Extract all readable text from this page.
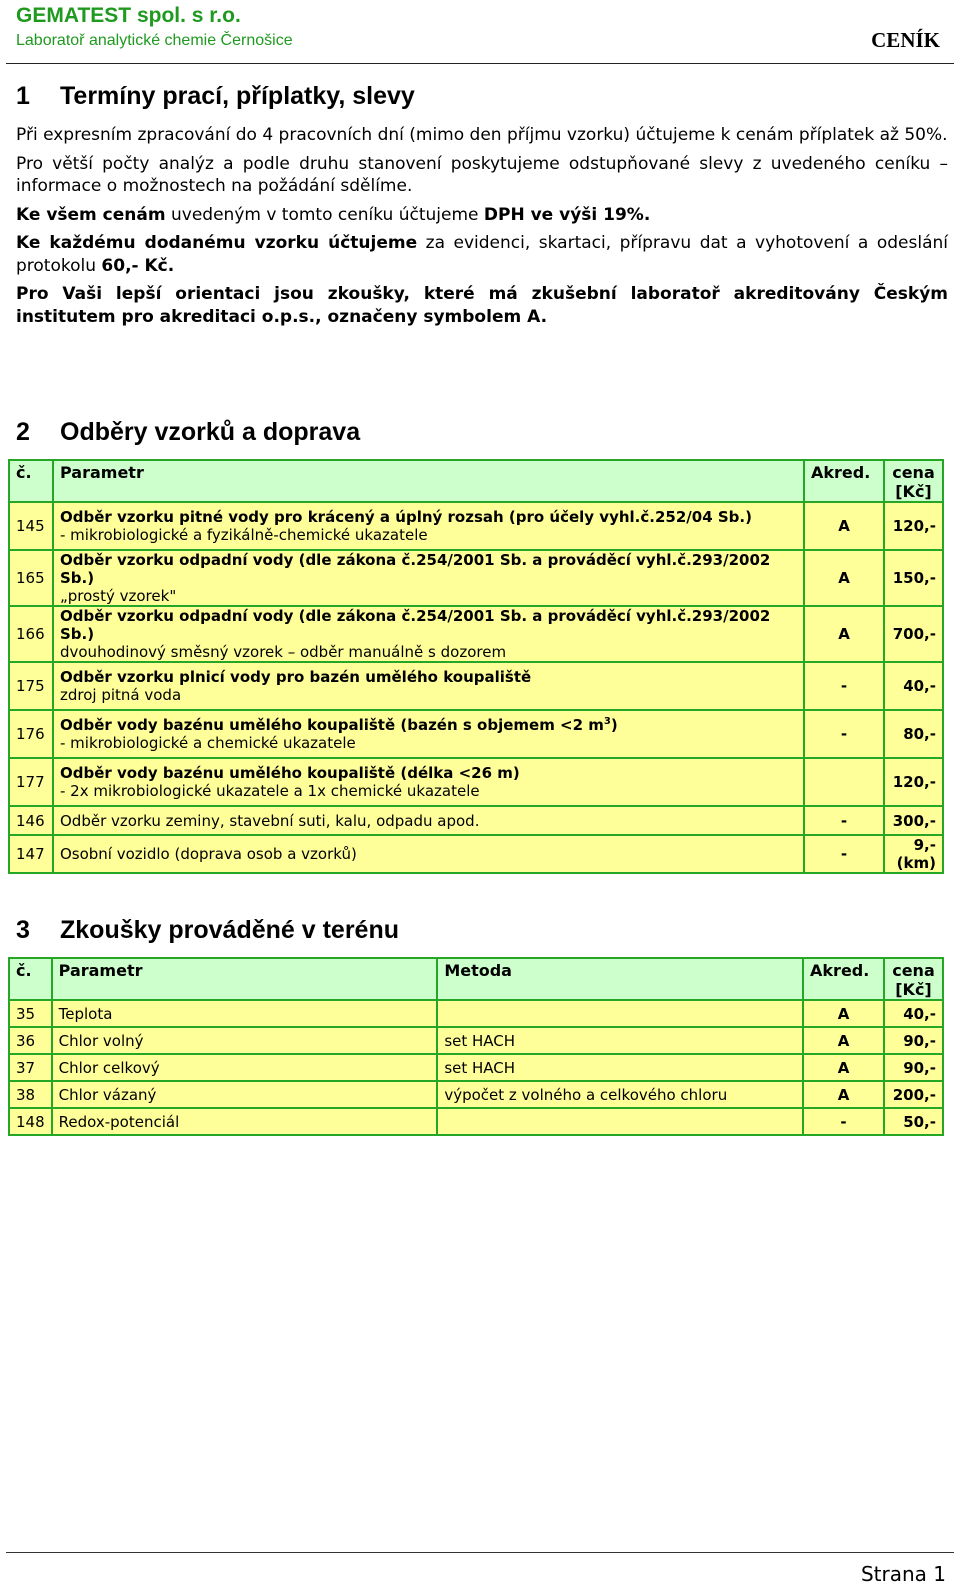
GEMATEST spol. s r.o.
Laboratoř analytické chemie Černošice	CENÍK
1 Termíny prací, příplatky, slevy

Při expresním zpracování do 4 pracovních dní (mimo den příjmu vzorku) účtujeme k cenám příplatek až 50%.

Pro větší počty analýz a podle druhu stanovení poskytujeme odstupňované slevy z uvedeného ceníku – informace o možnostech na požádání sdělíme.

Ke všem cenám uvedeným v tomto ceníku účtujeme DPH ve výši 19%.

Ke každému dodanému vzorku účtujeme za evidenci, skartaci, přípravu dat a vyhotovení a odeslání protokolu 60,- Kč.

Pro Vaši lepší orientaci jsou zkoušky, které má zkušební laboratoř akreditovány Českým institutem pro akreditaci o.p.s., označeny symbolem A.

2 Odběry vzorků a doprava
č.	Parametr	Akred.	cena [Kč]
145	Odběr vzorku pitné vody pro krácený a úplný rozsah (pro účely vyhl.č.252/04 Sb.)
- mikrobiologické a fyzikálně-chemické ukazatele	A	120,-
165	Odběr vzorku odpadní vody (dle zákona č.254/2001 Sb. a prováděcí vyhl.č.293/2002 Sb.)
„prostý vzorek"	A	150,-
166	Odběr vzorku odpadní vody (dle zákona č.254/2001 Sb. a prováděcí vyhl.č.293/2002 Sb.)
dvouhodinový směsný vzorek – odběr manuálně s dozorem	A	700,-
175	Odběr vzorku plnicí vody pro bazén umělého koupaliště
zdroj pitná voda	-	40,-
176	Odběr vody bazénu umělého koupaliště (bazén s objemem <2 $m^3$)
- mikrobiologické a chemické ukazatele	-	80,-
177	Odběr vody bazénu umělého koupaliště (délka <26 m)
- 2x mikrobiologické ukazatele a 1x chemické ukazatele		120,-
146	Odběr vzorku zeminy, stavební suti, kalu, odpadu apod.	-	300,-
147	Osobní vozidlo (doprava osob a vzorků)	-	9,- (km)
3 Zkoušky prováděné v terénu
č.	Parametr	Metoda	Akred.	cena [Kč]
35	Teplota		A	40,-
36	Chlor volný	set HACH	A	90,-
37	Chlor celkový	set HACH	A	90,-
38	Chlor vázaný	výpočet z volného a celkového chloru	A	200,-
148	Redox-potenciál		-	50,-
Strana 1
